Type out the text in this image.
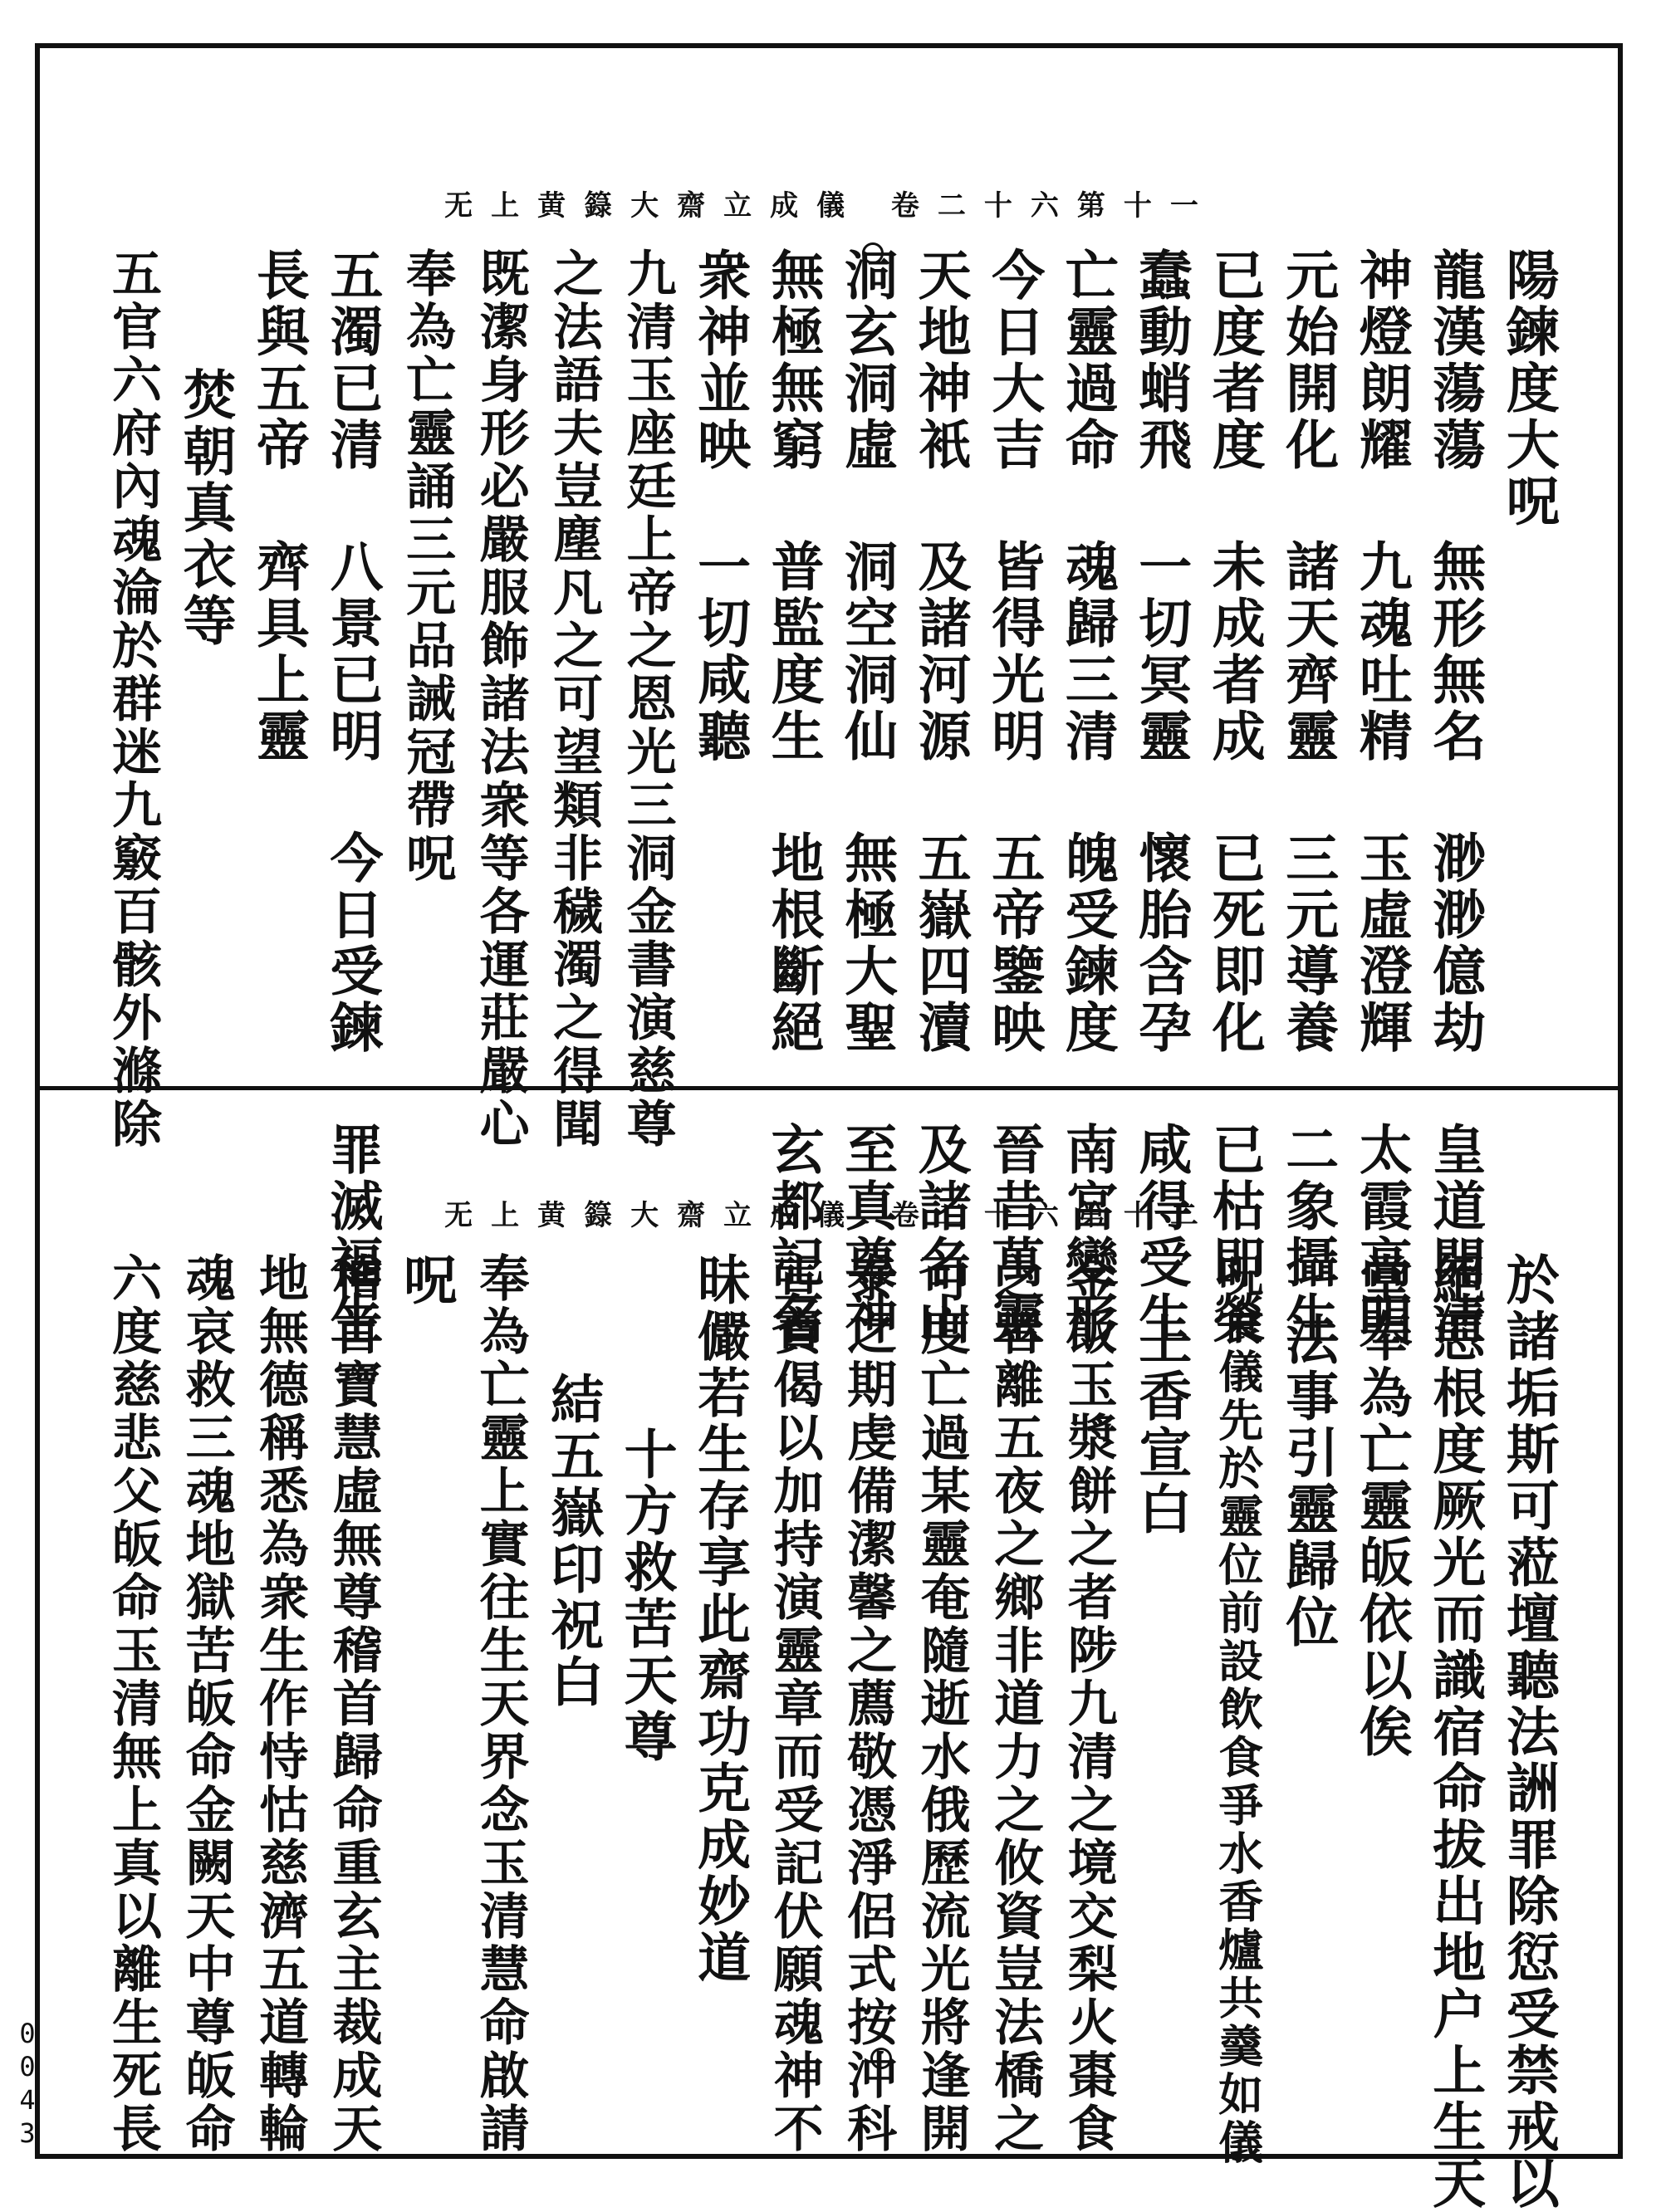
无上黄籙大齋立成儀 卷二十六第十一
陽鍊度大呪
龍漢蕩蕩 無形無名 渺渺億劫 皇道開清
神燈朗耀 九魂吐精 玉虛澄輝 太霞高明
元始開化 諸天齊靈 三元導養 二象攝生
已度者度 未成者成 已死即化 已枯即榮
蠢動蛸飛 一切冥靈 懷胎含孕 咸得受生
亡靈過命 魂歸三清 魄受鍊度 南宮變形
今日大吉 皆得光明 五帝鑒映 晉昔萬靈
天地神衹 及諸河源 五嶽四瀆 及諸名山
洞玄洞虛 洞空洞仙 無極大聖 至真尊神
無極無窮 普監度生 地根斷絕 玄都記名
衆神並映 一切咸聽
九清玉座廷上帝之恩光三洞金書演慈尊
之法語夫豈塵凡之可望類非穢濁之得聞
既潔身形必嚴服飾諸法衆等各運莊嚴心
奉為亡靈誦三元品誡冠帶呪
五濁已清 八景已明 今日受鍊 罪滅福生
長與五帝 齊具上靈
焚朝真衣等
五官六府內魂淪於群迷九竅百骸外滌除
无上黄籙大齋立成儀 卷二十六第十二
於諸垢斯可蒞壇聽法詶罪除愆受禁戒以
絕惡根度厥光而識宿命拔出地户上生天
堂奉為亡靈皈依以俟
法事引靈歸位
呪食儀先於靈位前設飲食爭水香爐共羹如儀
上香宣白
金飯玉漿餅之者陟九清之境交梨火棗食
之者離五夜之鄉非道力之攸資豈法橋之
可度亡過某靈奄隨逝水俄歷流光將逢開
泰之期虔備潔馨之薦敬憑淨侶式按沖科
宣寶偈以加持演靈章而受記伏願魂神不
昧儼若生存享此齋功克成妙道
十方救苦天尊
結五嶽印祝白
奉為亡靈上實往生天界念玉清慧命啟請
呪
稽首寶慧虛無尊稽首歸命重玄主裁成天
地無德稱悉為衆生作恃怙慈濟五道轉輪
魂哀救三魂地獄苦皈命金闕天中尊皈命
六度慈悲父皈命玉清無上真以離生死長
0043
